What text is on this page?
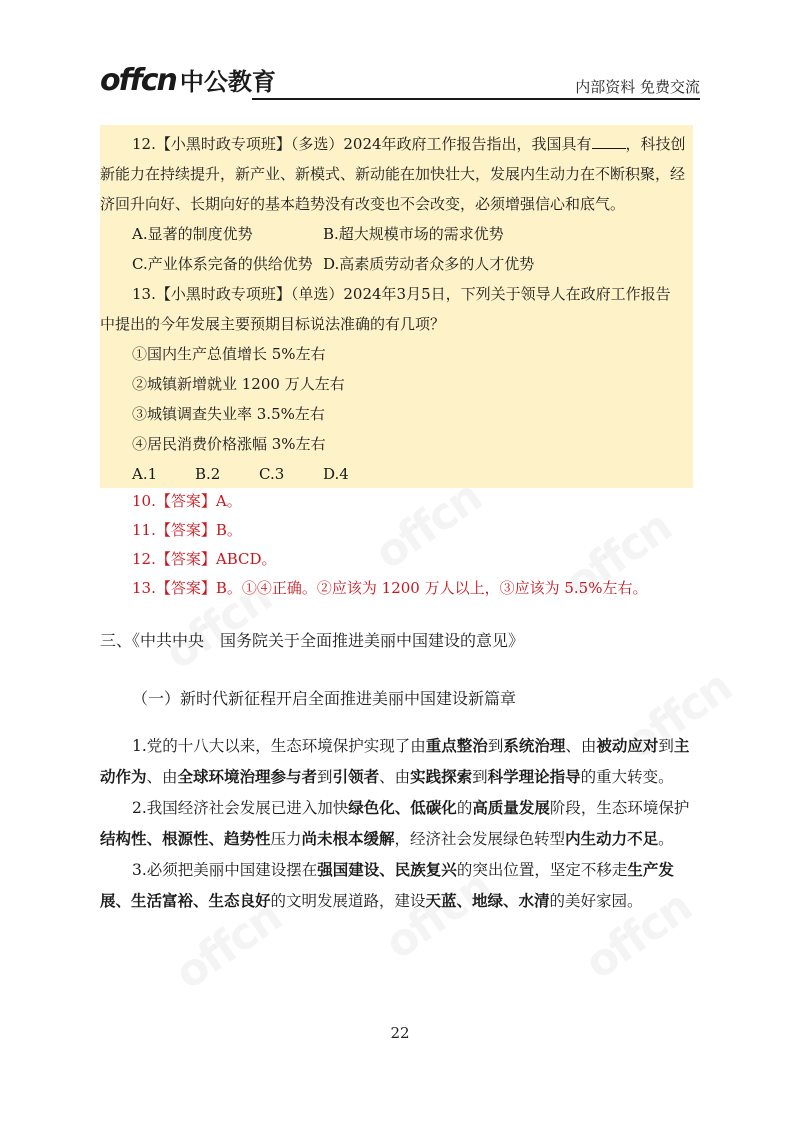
offcn 中公教育	内部资料 免费交流
12.【小黑时政专项班】（多选）2024年政府工作报告指出，我国具有 ，科技创
新能力在持续提升，新产业、新模式、新动能在加快壮大，发展内生动力在不断积聚，经
济回升向好、长期向好的基本趋势没有改变也不会改变，必须增强信心和底气。
A.显著的制度优势	B.超大规模市场的需求优势
C.产业体系完备的供给优势 D.高素质劳动者众多的人才优势
13.【小黑时政专项班】（单选）2024年3月5日，下列关于领导人在政府工作报告
中提出的今年发展主要预期目标说法准确的有几项？
①国内生产总值增长 5%左右
②城镇新增就业 1200 万人左右
③城镇调查失业率 3.5%左右
④居民消费价格涨幅 3%左右
A.1	B.2	C.3	D.4
10.【答案】A。
11.【答案】B。
12.【答案】ABCD。
13.【答案】B。①④正确。②应该为 1200 万人以上，③应该为 5.5%左右。
三、《中共中央　国务院关于全面推进美丽中国建设的意见》
（一）新时代新征程开启全面推进美丽中国建设新篇章
1.党的十八大以来，生态环境保护实现了由重点整治到系统治理、由被动应对到主动作为、由全球环境治理参与者到引领者、由实践探索到科学理论指导的重大转变。
2.我国经济社会发展已进入加快绿色化、低碳化的高质量发展阶段，生态环境保护结构性、根源性、趋势性压力尚未根本缓解，经济社会发展绿色转型内生动力不足。
3.必须把美丽中国建设摆在强国建设、民族复兴的突出位置，坚定不移走生产发展、生活富裕、生态良好的文明发展道路，建设天蓝、地绿、水清的美好家园。
22
